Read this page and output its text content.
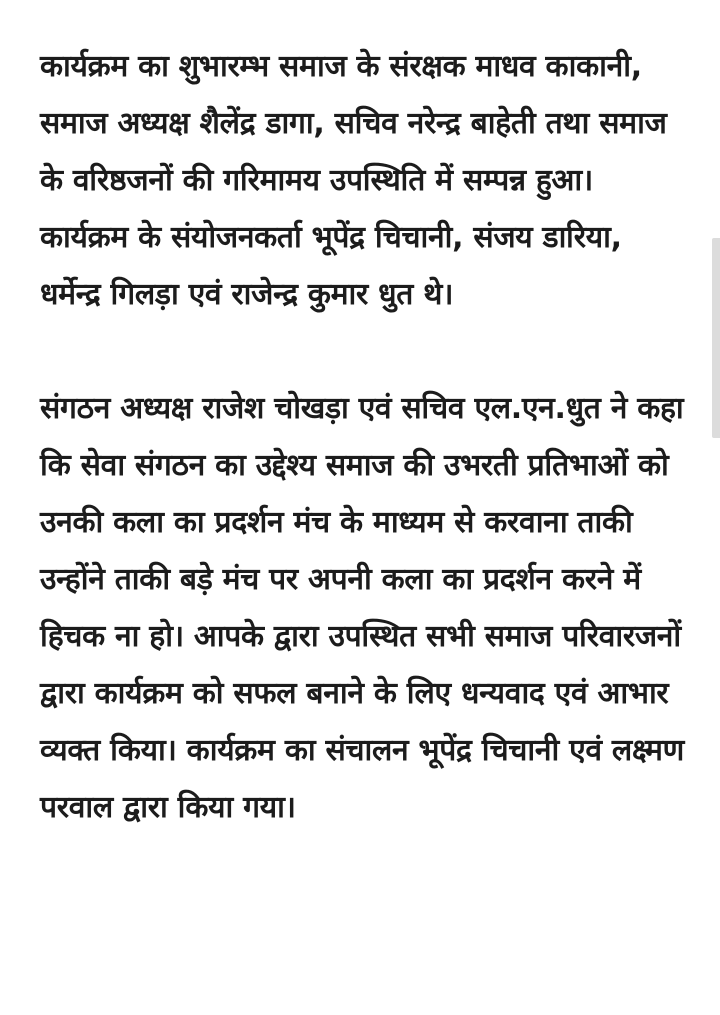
कार्यक्रम का शुभारम्भ समाज के संरक्षक माधव काकानी, समाज अध्यक्ष शैलेंद्र डागा, सचिव नरेन्द्र बाहेती तथा समाज के वरिष्ठजनों की गरिमामय उपस्थिति में सम्पन्न हुआ। कार्यक्रम के संयोजनकर्ता भूपेंद्र चिचानी, संजय डारिया, धर्मेन्द्र गिलड़ा एवं राजेन्द्र कुमार धुत थे।

संगठन अध्यक्ष राजेश चोखड़ा एवं सचिव एल.एन.धुत ने कहा कि सेवा संगठन का उद्देश्य समाज की उभरती प्रतिभाओं को उनकी कला का प्रदर्शन मंच के माध्यम से करवाना ताकी उन्होंने ताकी बड़े मंच पर अपनी कला का प्रदर्शन करने में हिचक ना हो। आपके द्वारा उपस्थित सभी समाज परिवारजनों द्वारा कार्यक्रम को सफल बनाने के लिए धन्यवाद एवं आभार व्यक्त किया। कार्यक्रम का संचालन भूपेंद्र चिचानी एवं लक्ष्मण परवाल द्वारा किया गया।
